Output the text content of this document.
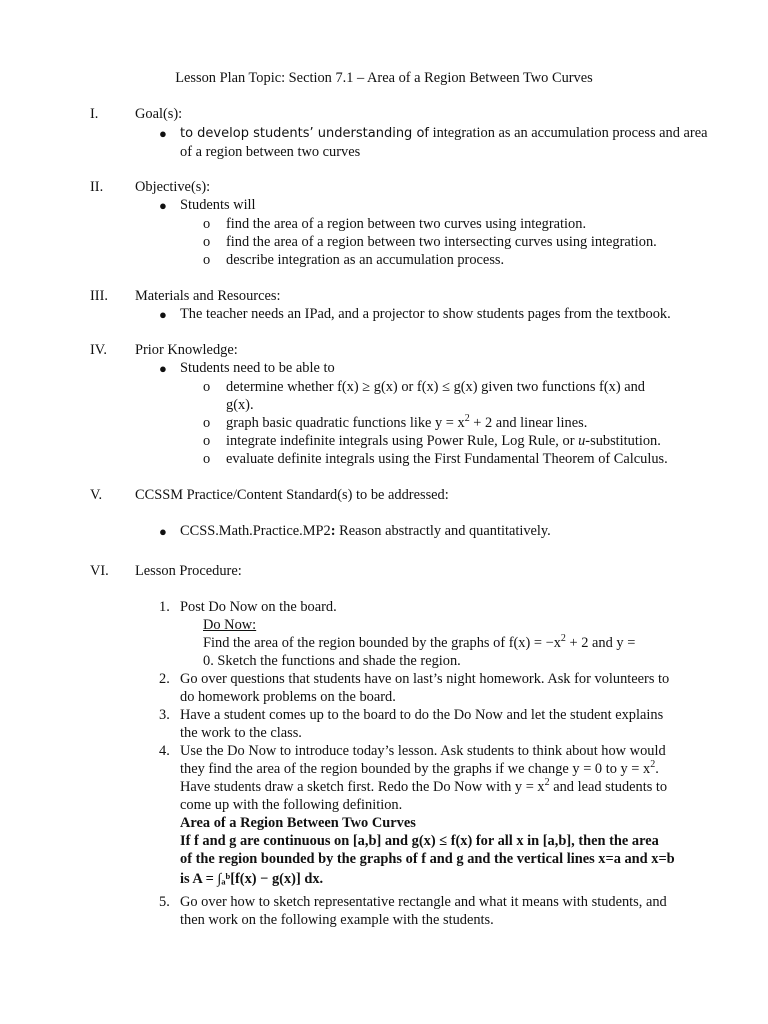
Lesson Plan Topic: Section 7.1 – Area of a Region Between Two Curves
I.	Goal(s):
● to develop students’ understanding of integration as an accumulation process and area
of a region between two curves
II. Objective(s):
● Students will
o find the area of a region between two curves using integration.
o find the area of a region between two intersecting curves using integration.
o describe integration as an accumulation process.
III. Materials and Resources:
● The teacher needs an IPad, and a projector to show students pages from the textbook.
IV. Prior Knowledge:
● Students need to be able to
o determine whether f(x) ≥ g(x) or f(x) ≤ g(x) given two functions f(x) and
g(x).
o graph basic quadratic functions like $y = x^2 + 2$ and linear lines.
o integrate indefinite integrals using Power Rule, Log Rule, or u-substitution.
o evaluate definite integrals using the First Fundamental Theorem of Calculus.
V. CCSSM Practice/Content Standard(s) to be addressed:
● CCSS.Math.Practice.MP2: Reason abstractly and quantitatively.
VI. Lesson Procedure:
1. Post Do Now on the board.
Do Now:
Find the area of the region bounded by the graphs of $f(x) = -x^2 + 2$ and y =
0. Sketch the functions and shade the region.
2. Go over questions that students have on last’s night homework. Ask for volunteers to
do homework problems on the board.
3. Have a student comes up to the board to do the Do Now and let the student explains
the work to the class.
4. Use the Do Now to introduce today’s lesson. Ask students to think about how would
they find the area of the region bounded by the graphs if we change y = 0 to $y = x^2$.
Have students draw a sketch first. Redo the Do Now with $y = x^2$ and lead students to
come up with the following definition.
Area of a Region Between Two Curves
If f and g are continuous on [a,b] and g(x) ≤ f(x) for all x in [a,b], then the area
of the region bounded by the graphs of f and g and the vertical lines x=a and x=b
is A = ∫ₐᵇ[f(x) − g(x)] dx.
5. Go over how to sketch representative rectangle and what it means with students, and
then work on the following example with the students.
